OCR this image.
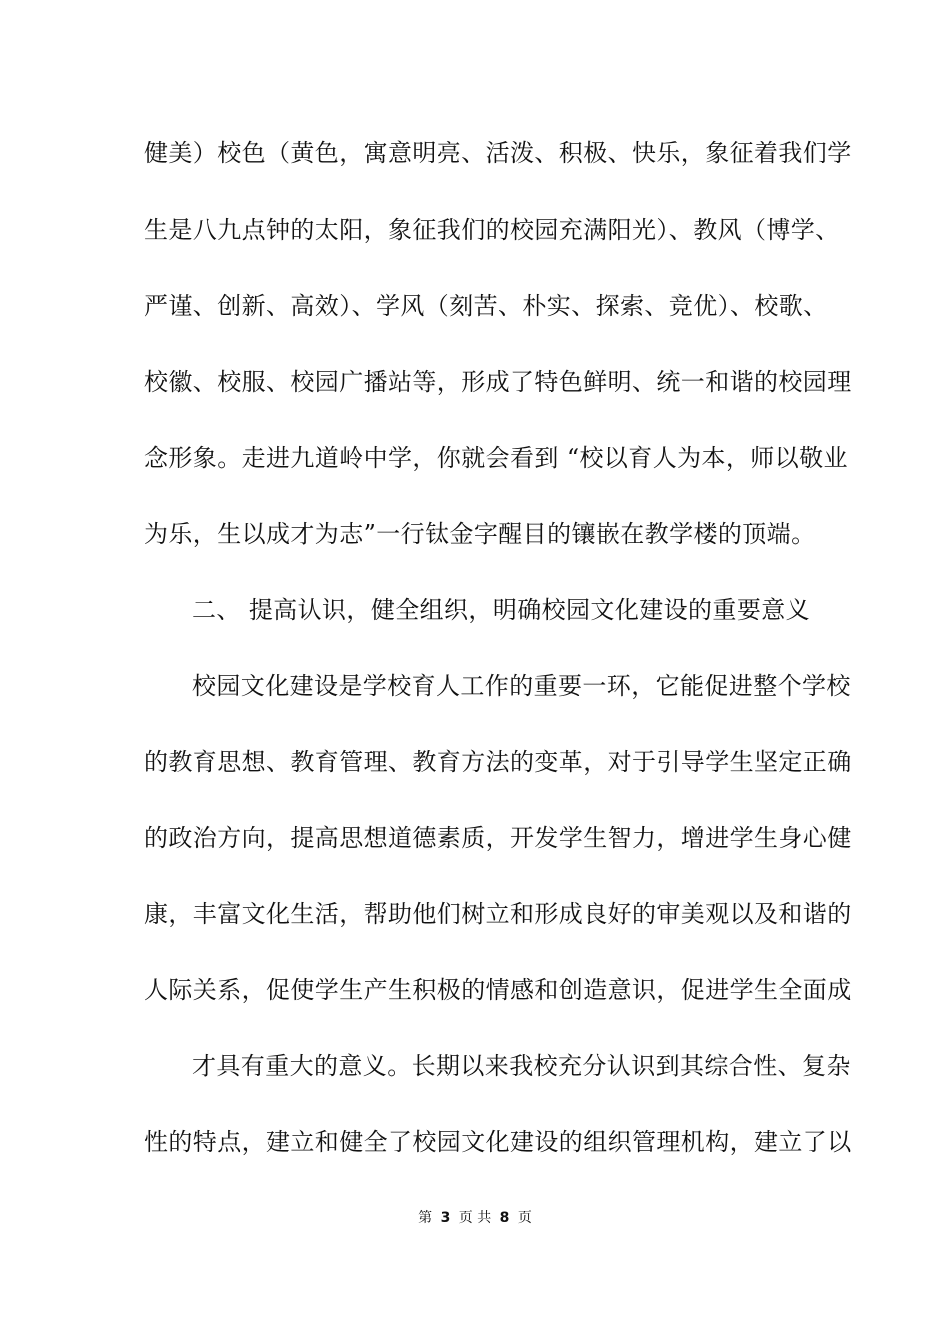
健美）校色（黄色，寓意明亮、活泼、积极、快乐，象征着我们学
生是八九点钟的太阳，象征我们的校园充满阳光）、教风（博学、
严谨、创新、高效）、学风（刻苦、朴实、探索、竞优）、校歌、
校徽、校服、校园广播站等，形成了特色鲜明、统一和谐的校园理
念形象。走进九道岭中学，你就会看到 “校以育人为本，师以敬业
为乐，生以成才为志”一行钛金字醒目的镶嵌在教学楼的顶端。
二、 提高认识，健全组织，明确校园文化建设的重要意义
校园文化建设是学校育人工作的重要一环，它能促进整个学校
的教育思想、教育管理、教育方法的变革，对于引导学生坚定正确
的政治方向，提高思想道德素质，开发学生智力，增进学生身心健
康，丰富文化生活，帮助他们树立和形成良好的审美观以及和谐的
人际关系，促使学生产生积极的情感和创造意识，促进学生全面成
才具有重大的意义。长期以来我校充分认识到其综合性、复杂
性的特点，建立和健全了校园文化建设的组织管理机构，建立了以
第 3 页 共 8 页
